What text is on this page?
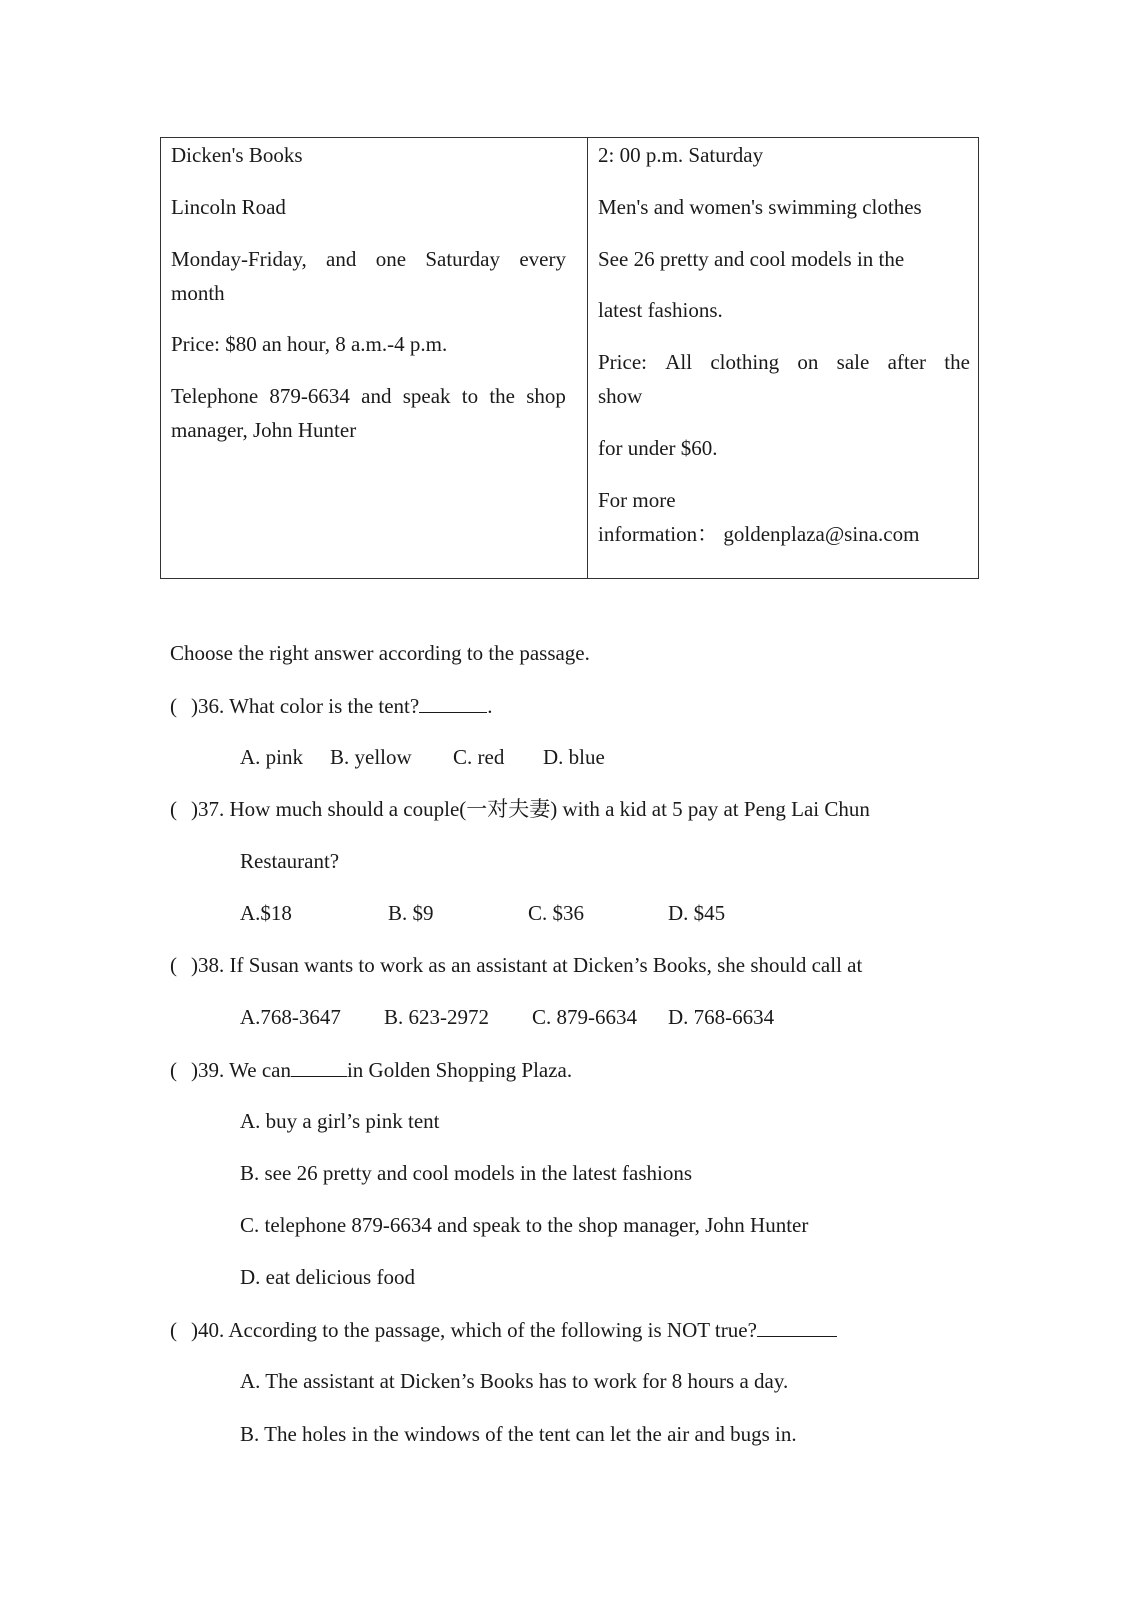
Dicken's Books
Lincoln Road
Monday-Friday, and one Saturday every
month
Price: $80 an hour, 8 a.m.-4 p.m.
Telephone 879-6634 and speak to the shop
manager, John Hunter
2: 00 p.m. Saturday
Men's and women's swimming clothes
See 26 pretty and cool models in the
latest fashions.
Price: All clothing on sale after the
show
for under $60.
For more
information： goldenplaza@sina.com
Choose the right answer according to the passage.
( )36. What color is the tent?	.
A. pink B. yellow C. red D. blue
( )37. How much should a couple(一对夫妻) with a kid at 5 pay at Peng Lai Chun
Restaurant?
A.$18	B. $9	C. $36	D. $45
( )38. If Susan wants to work as an assistant at Dicken’s Books, she should call at
A.768-3647 B. 623-2972 C. 879-6634 D. 768-6634
( )39. We can	in Golden Shopping Plaza.
A. buy a girl’s pink tent
B. see 26 pretty and cool models in the latest fashions
C. telephone 879-6634 and speak to the shop manager, John Hunter
D. eat delicious food
( )40. According to the passage, which of the following is NOT true?
A. The assistant at Dicken’s Books has to work for 8 hours a day.
B. The holes in the windows of the tent can let the air and bugs in.
